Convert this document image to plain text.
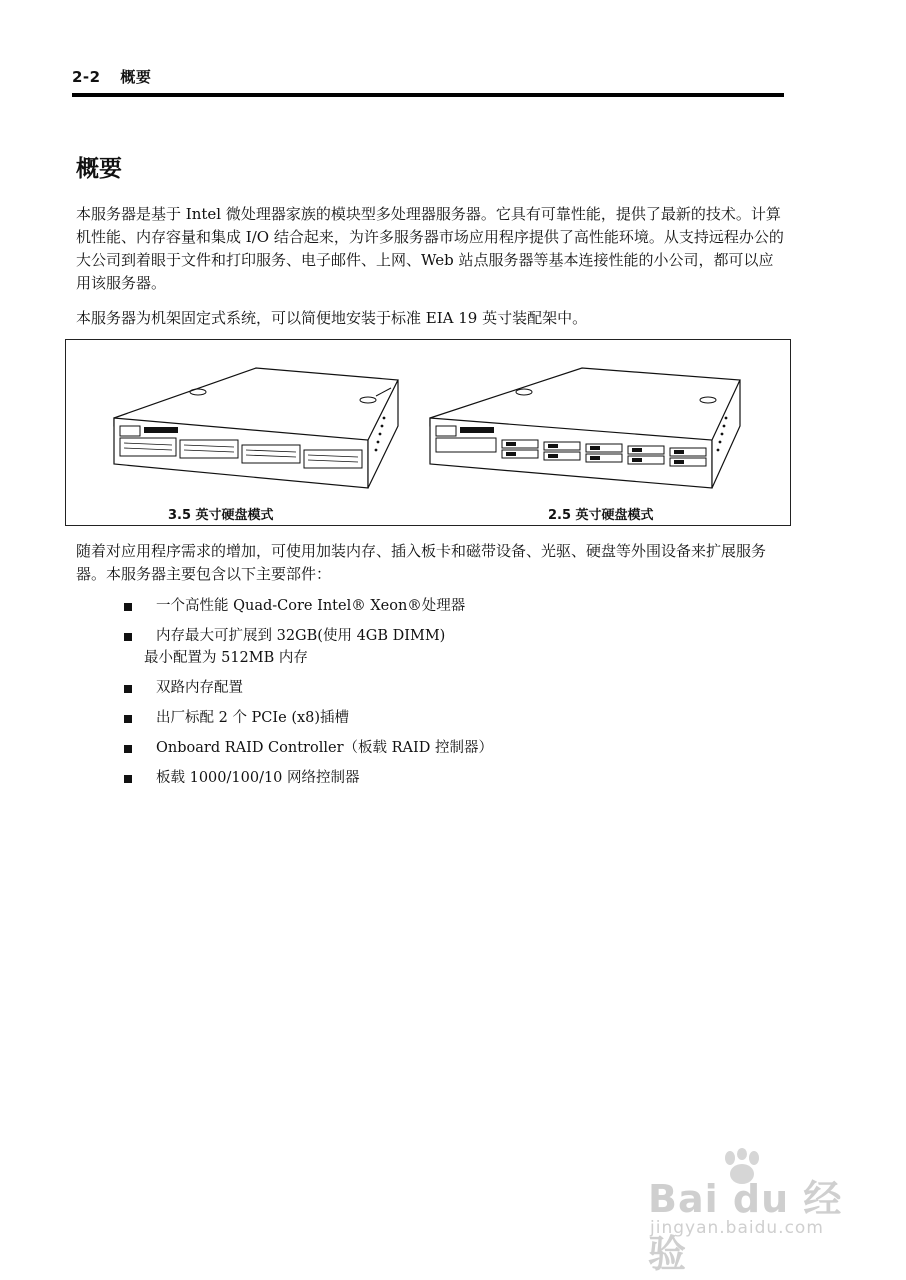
2-2 概要
概要

本服务器是基于 Intel 微处理器家族的模块型多处理器服务器。它具有可靠性能，提供了最新的技术。计算机性能、内存容量和集成 I/O 结合起来，为许多服务器市场应用程序提供了高性能环境。从支持远程办公的大公司到着眼于文件和打印服务、电子邮件、上网、Web 站点服务器等基本连接性能的小公司，都可以应用该服务器。

本服务器为机架固定式系统，可以简便地安装于标准 EIA 19 英寸装配架中。

3.5 英寸硬盘模式	2.5 英寸硬盘模式

随着对应用程序需求的增加，可使用加装内存、插入板卡和磁带设备、光驱、硬盘等外围设备来扩展服务器。本服务器主要包含以下主要部件：

一个高性能 Quad-Core Intel® Xeon®处理器
内存最大可扩展到 32GB(使用 4GB DIMM)
最小配置为 512MB 内存
双路内存配置
出厂标配 2 个 PCIe (x8)插槽
Onboard RAID Controller（板载 RAID 控制器）
板载 1000/100/10 网络控制器
Bai du 经验
jingyan.baidu.com
